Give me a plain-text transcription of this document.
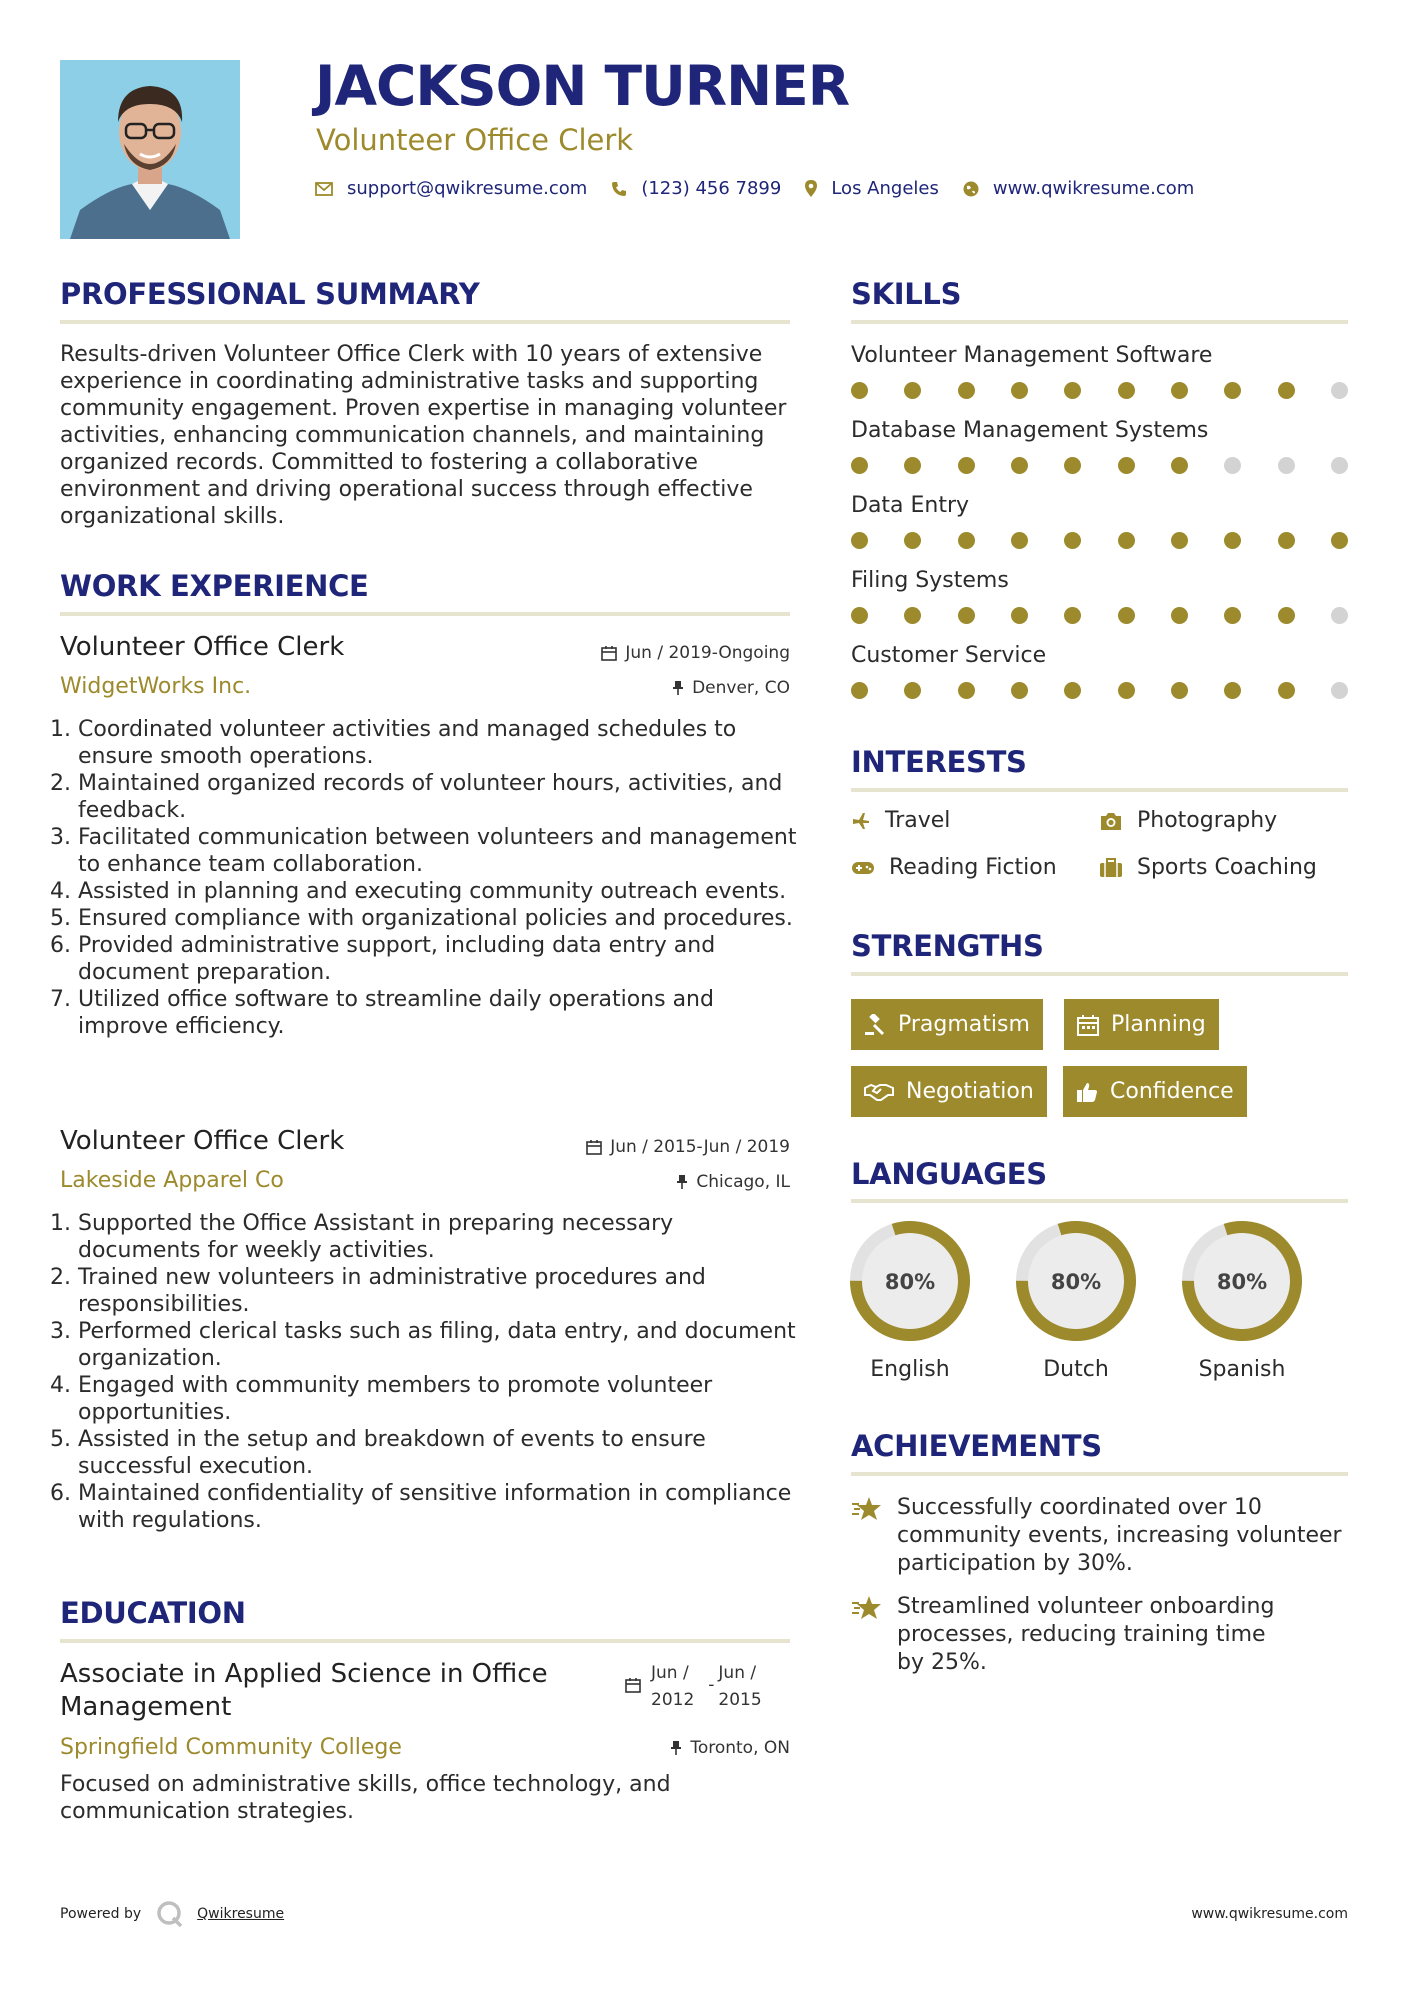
JACKSON TURNER
Volunteer Office Clerk
support@qwikresume.com	(123) 456 7899	Los Angeles	www.qwikresume.com
PROFESSIONAL SUMMARY

Results-driven Volunteer Office Clerk with 10 years of extensive experience in coordinating administrative tasks and supporting community engagement. Proven expertise in managing volunteer activities, enhancing communication channels, and maintaining organized records. Committed to fostering a collaborative environment and driving operational success through effective organizational skills.

WORK EXPERIENCE
Volunteer Office Clerk	Jun / 2019-Ongoing
WidgetWorks Inc.	Denver, CO
1. Coordinated volunteer activities and managed schedules to ensure smooth operations.
2. Maintained organized records of volunteer hours, activities, and feedback.
3. Facilitated communication between volunteers and management to enhance team collaboration.
4. Assisted in planning and executing community outreach events.
5. Ensured compliance with organizational policies and procedures.
6. Provided administrative support, including data entry and document preparation.
7. Utilized office software to streamline daily operations and improve efficiency.
Volunteer Office Clerk	Jun / 2015-Jun / 2019
Lakeside Apparel Co	Chicago, IL
1. Supported the Office Assistant in preparing necessary documents for weekly activities.
2. Trained new volunteers in administrative procedures and responsibilities.
3. Performed clerical tasks such as filing, data entry, and document organization.
4. Engaged with community members to promote volunteer opportunities.
5. Assisted in the setup and breakdown of events to ensure successful execution.
6. Maintained confidentiality of sensitive information in compliance with regulations.
EDUCATION
Associate in Applied Science in Office Management
Jun /
2012
-
Jun /
2015
Springfield Community College	Toronto, ON

Focused on administrative skills, office technology, and communication strategies.

SKILLS
Volunteer Management Software
Database Management Systems
Data Entry
Filing Systems
Customer Service
INTERESTS
Travel	Photography
Reading Fiction	Sports Coaching
STRENGTHS
Pragmatism	Planning
Negotiation	Confidence
LANGUAGES
80%	80%	80%
English	Dutch	Spanish
ACHIEVEMENTS
Successfully coordinated over 10 community events, increasing volunteer participation by 30%.
Streamlined volunteer onboarding processes, reducing training time by 25%.
Powered by	Qwikresume	www.qwikresume.com
